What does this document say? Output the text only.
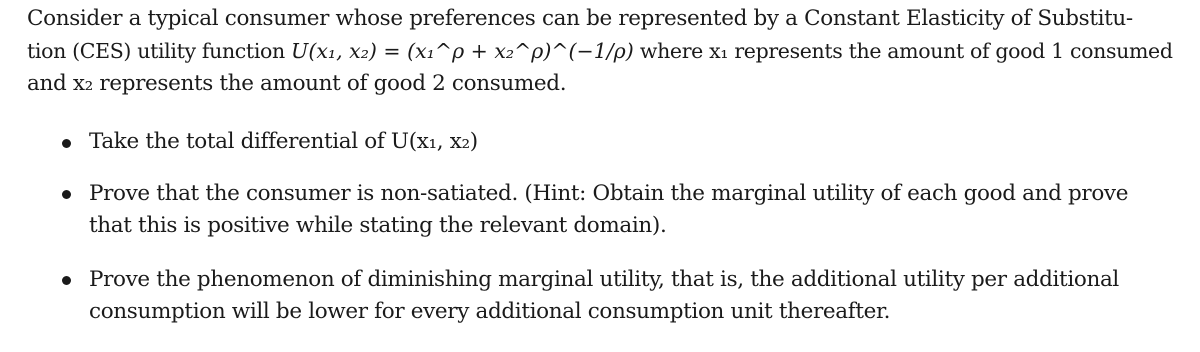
Consider a typical consumer whose preferences can be represented by a Constant Elasticity of Substitu-
tion (CES) utility function U(x₁, x₂) = (x₁^ρ + x₂^ρ)^(−1/ρ) where x₁ represents the amount of good 1 consumed
and x₂ represents the amount of good 2 consumed.
Take the total differential of U(x₁, x₂)
Prove that the consumer is non-satiated. (Hint: Obtain the marginal utility of each good and prove
that this is positive while stating the relevant domain).
Prove the phenomenon of diminishing marginal utility, that is, the additional utility per additional
consumption will be lower for every additional consumption unit thereafter.
